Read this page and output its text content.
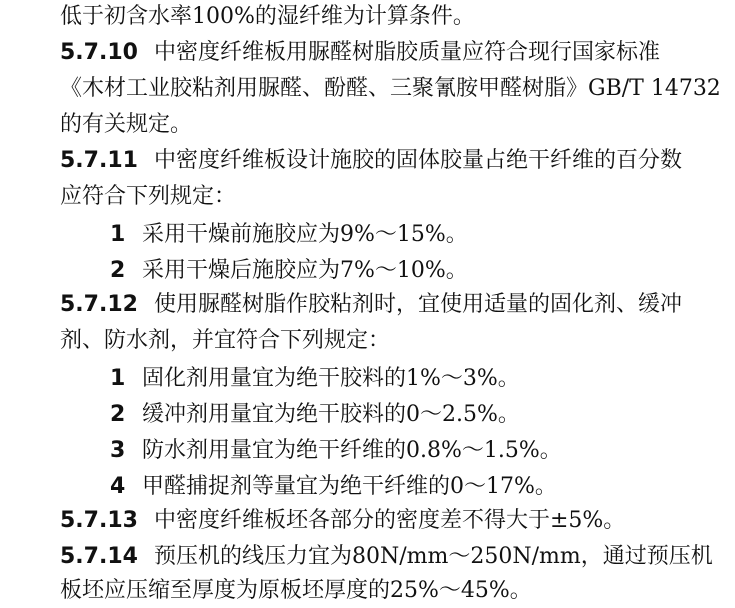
低于初含水率100%的湿纤维为计算条件。
5.7.10 中密度纤维板用脲醛树脂胶质量应符合现行国家标准
《木材工业胶粘剂用脲醛、酚醛、三聚氰胺甲醛树脂》GB/T 14732
的有关规定。
5.7.11 中密度纤维板设计施胶的固体胶量占绝干纤维的百分数
应符合下列规定：
1 采用干燥前施胶应为9%～15%。
2 采用干燥后施胶应为7%～10%。
5.7.12 使用脲醛树脂作胶粘剂时，宜使用适量的固化剂、缓冲
剂、防水剂，并宜符合下列规定：
1 固化剂用量宜为绝干胶料的1%～3%。
2 缓冲剂用量宜为绝干胶料的0～2.5%。
3 防水剂用量宜为绝干纤维的0.8%～1.5%。
4 甲醛捕捉剂等量宜为绝干纤维的0～17%。
5.7.13 中密度纤维板坯各部分的密度差不得大于±5%。
5.7.14 预压机的线压力宜为80N/mm～250N/mm，通过预压机
板坯应压缩至厚度为原板坯厚度的25%～45%。
